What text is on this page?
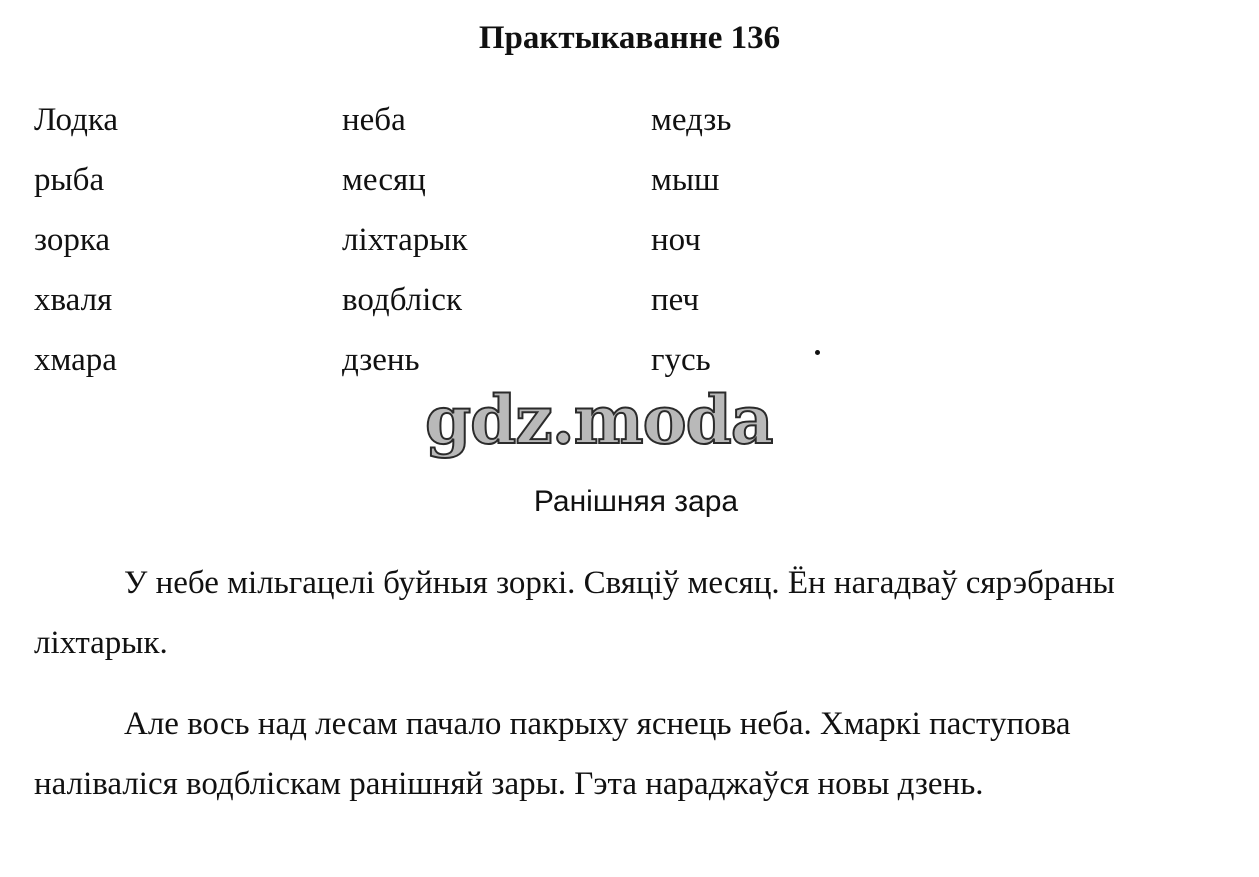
Практыкаванне 136
Лодка	неба	медзь
рыба	месяц	мыш
зорка	ліхтарык	ноч
хваля	водбліск	печ
хмара	дзень	гусь
gdz.moda
Ранішняя зара

У небе мільгацелі буйныя зоркі. Свяціў месяц. Ён нагадваў сярэбраны ліхтарык.

Але вось над лесам пачало пакрыху яснець неба. Хмаркі паступова наліваліся водбліскам ранішняй зары. Гэта нараджаўся новы дзень.
